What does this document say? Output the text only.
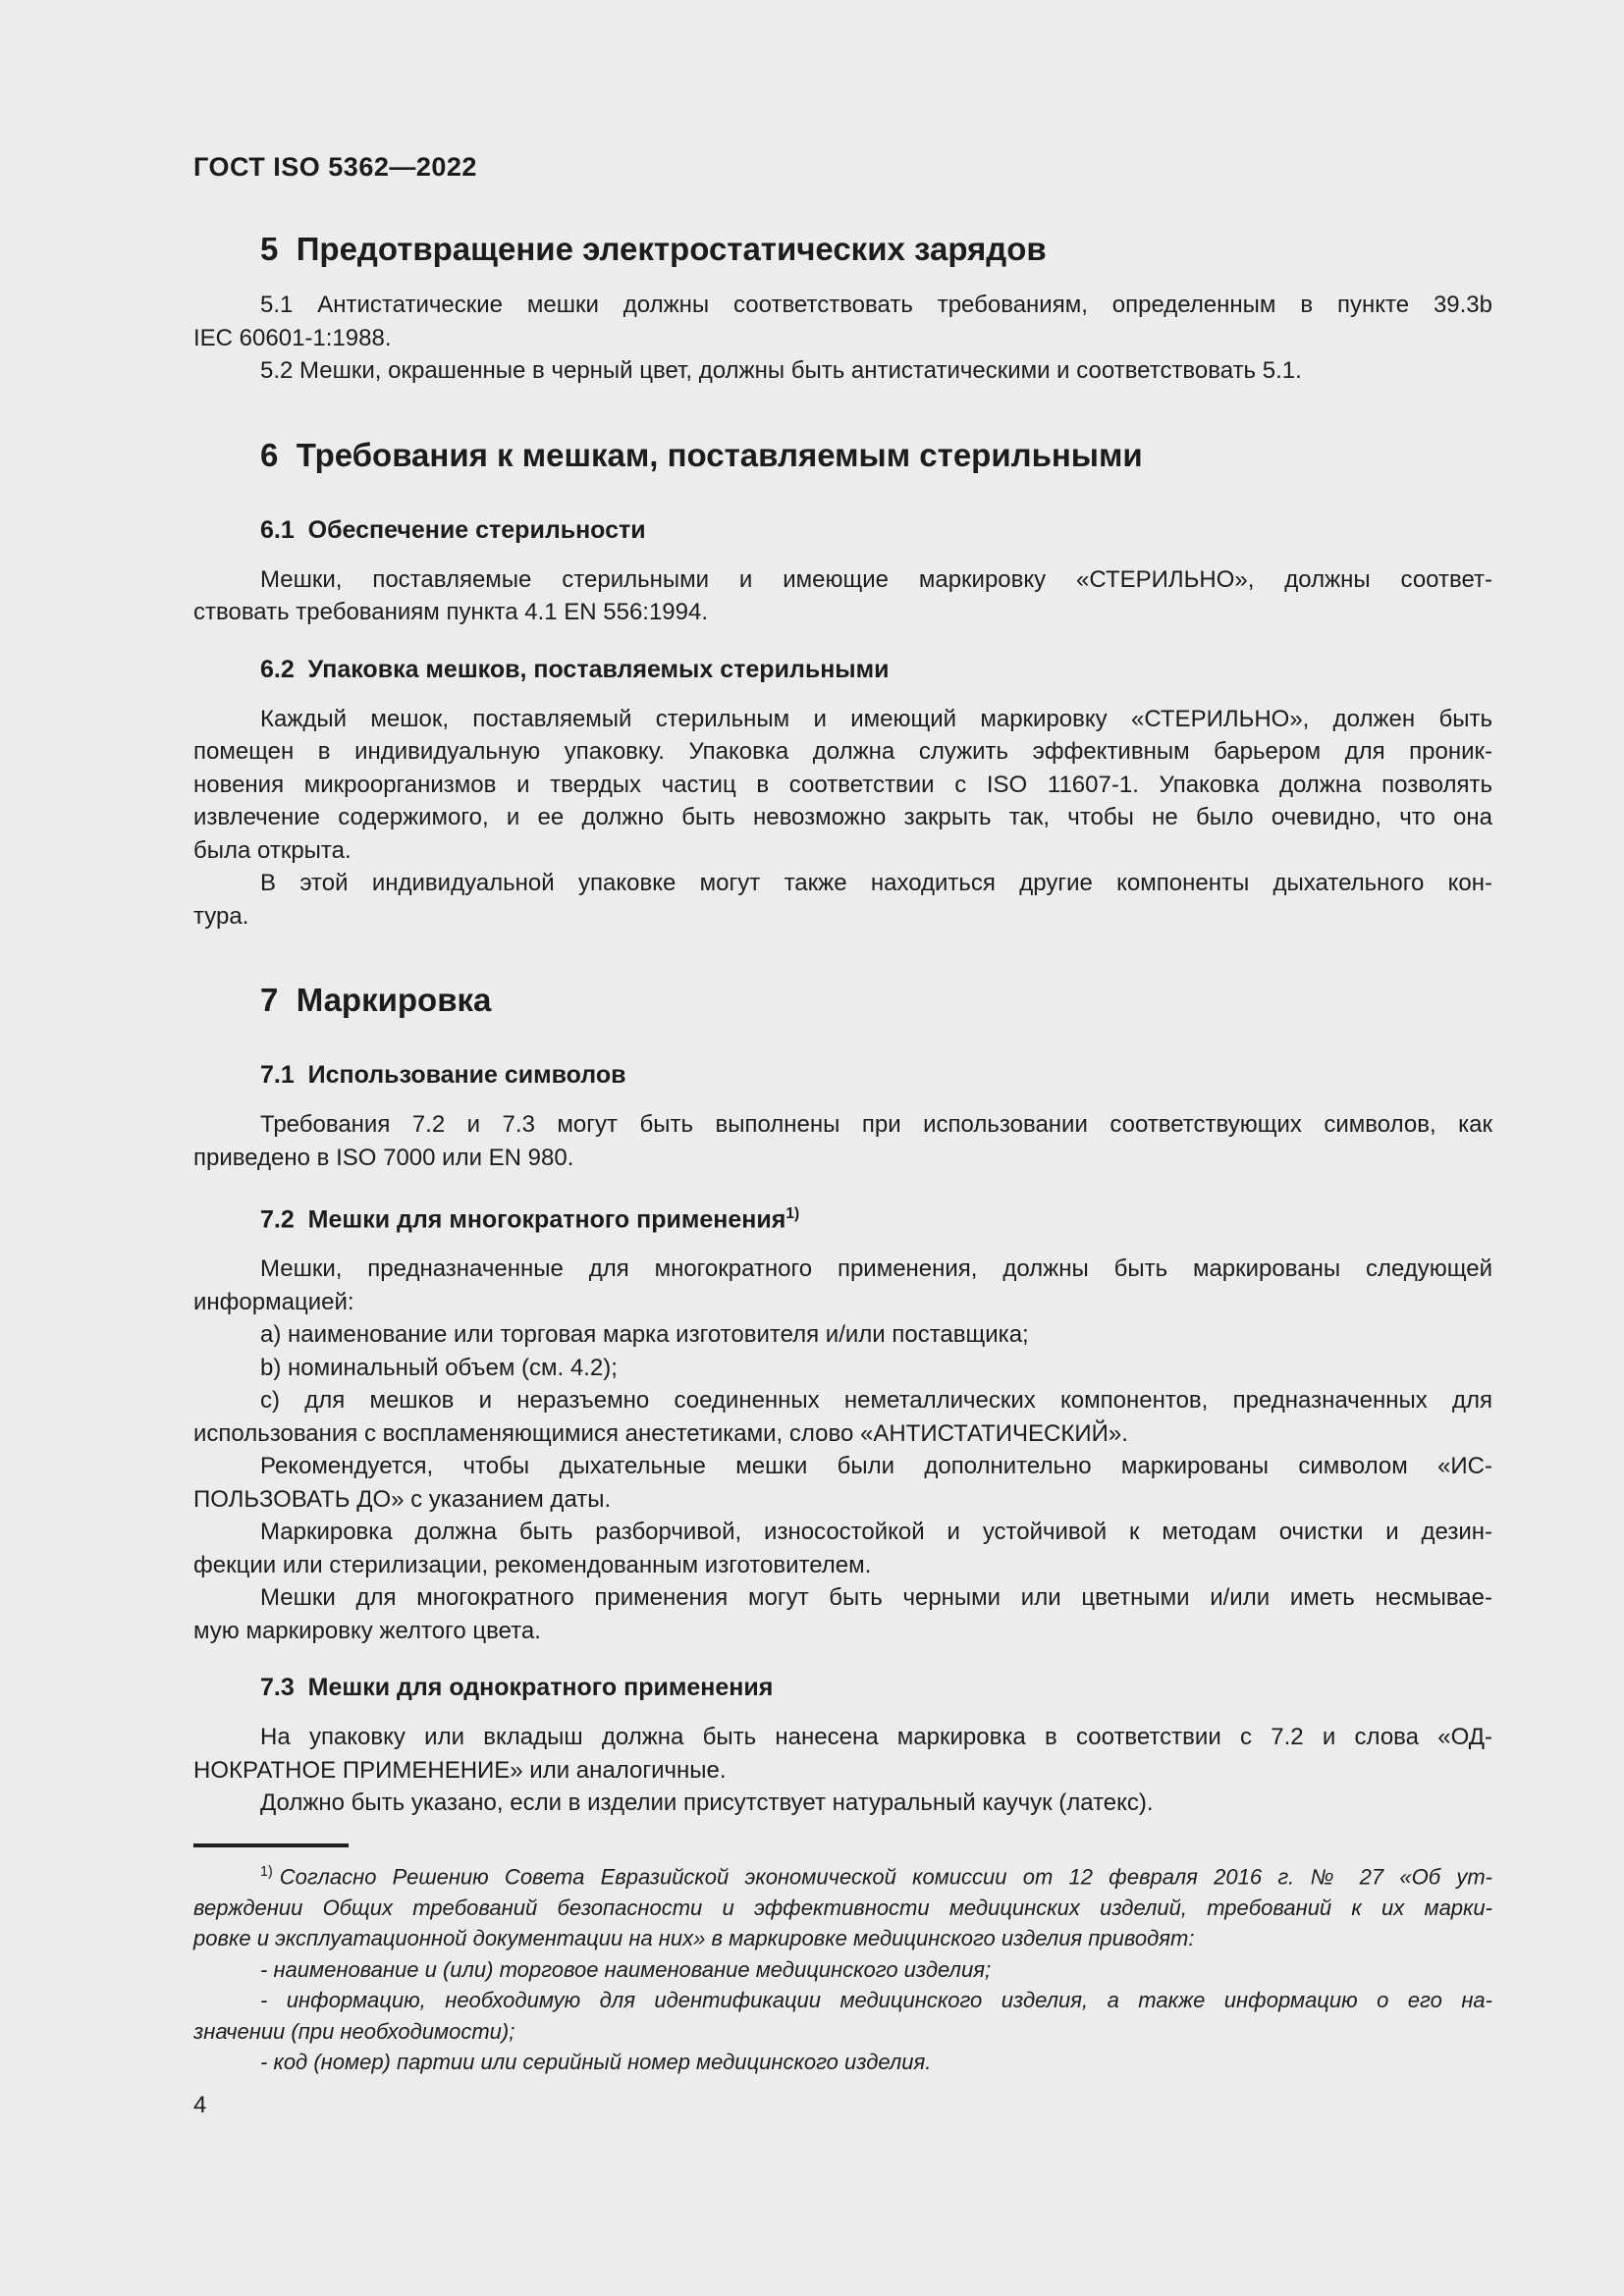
ГОСТ ISO 5362—2022
5  Предотвращение электростатических зарядов
5.1 Антистатические мешки должны соответствовать требованиям, определенным в пункте 39.3b
IEC 60601-1:1988.
5.2 Мешки, окрашенные в черный цвет, должны быть антистатическими и соответствовать 5.1.
6  Требования к мешкам, поставляемым стерильными
6.1  Обеспечение стерильности
Мешки, поставляемые стерильными и имеющие маркировку «СТЕРИЛЬНО», должны соответ-
ствовать требованиям пункта 4.1 EN 556:1994.
6.2  Упаковка мешков, поставляемых стерильными
Каждый мешок, поставляемый стерильным и имеющий маркировку «СТЕРИЛЬНО», должен быть
помещен в индивидуальную упаковку. Упаковка должна служить эффективным барьером для проник-
новения микроорганизмов и твердых частиц в соответствии с ISO 11607-1. Упаковка должна позволять
извлечение содержимого, и ее должно быть невозможно закрыть так, чтобы не было очевидно, что она
была открыта.
В этой индивидуальной упаковке могут также находиться другие компоненты дыхательного кон-
тура.
7  Маркировка
7.1  Использование символов
Требования 7.2 и 7.3 могут быть выполнены при использовании соответствующих символов, как
приведено в ISO 7000 или EN 980.
7.2  Мешки для многократного применения$^{1)}$
Мешки, предназначенные для многократного применения, должны быть маркированы следующей
информацией:
a) наименование или торговая марка изготовителя и/или поставщика;
b) номинальный объем (см. 4.2);
c) для мешков и неразъемно соединенных неметаллических компонентов, предназначенных для
использования с воспламеняющимися анестетиками, слово «АНТИСТАТИЧЕСКИЙ».
Рекомендуется, чтобы дыхательные мешки были дополнительно маркированы символом «ИС-
ПОЛЬЗОВАТЬ ДО» с указанием даты.
Маркировка должна быть разборчивой, износостойкой и устойчивой к методам очистки и дезин-
фекции или стерилизации, рекомендованным изготовителем.
Мешки для многократного применения могут быть черными или цветными и/или иметь несмывае-
мую маркировку желтого цвета.
7.3  Мешки для однократного применения
На упаковку или вкладыш должна быть нанесена маркировка в соответствии с 7.2 и слова «ОД-
НОКРАТНОЕ ПРИМЕНЕНИЕ» или аналогичные.
Должно быть указано, если в изделии присутствует натуральный каучук (латекс).
$^{1)}$ Согласно Решению Совета Евразийской экономической комиссии от 12 февраля 2016 г. № 27 «Об ут-
верждении Общих требований безопасности и эффективности медицинских изделий, требований к их марки-
ровке и эксплуатационной документации на них» в маркировке медицинского изделия приводят:
- наименование и (или) торговое наименование медицинского изделия;
- информацию, необходимую для идентификации медицинского изделия, а также информацию о его на-
значении (при необходимости);
- код (номер) партии или серийный номер медицинского изделия.
4
